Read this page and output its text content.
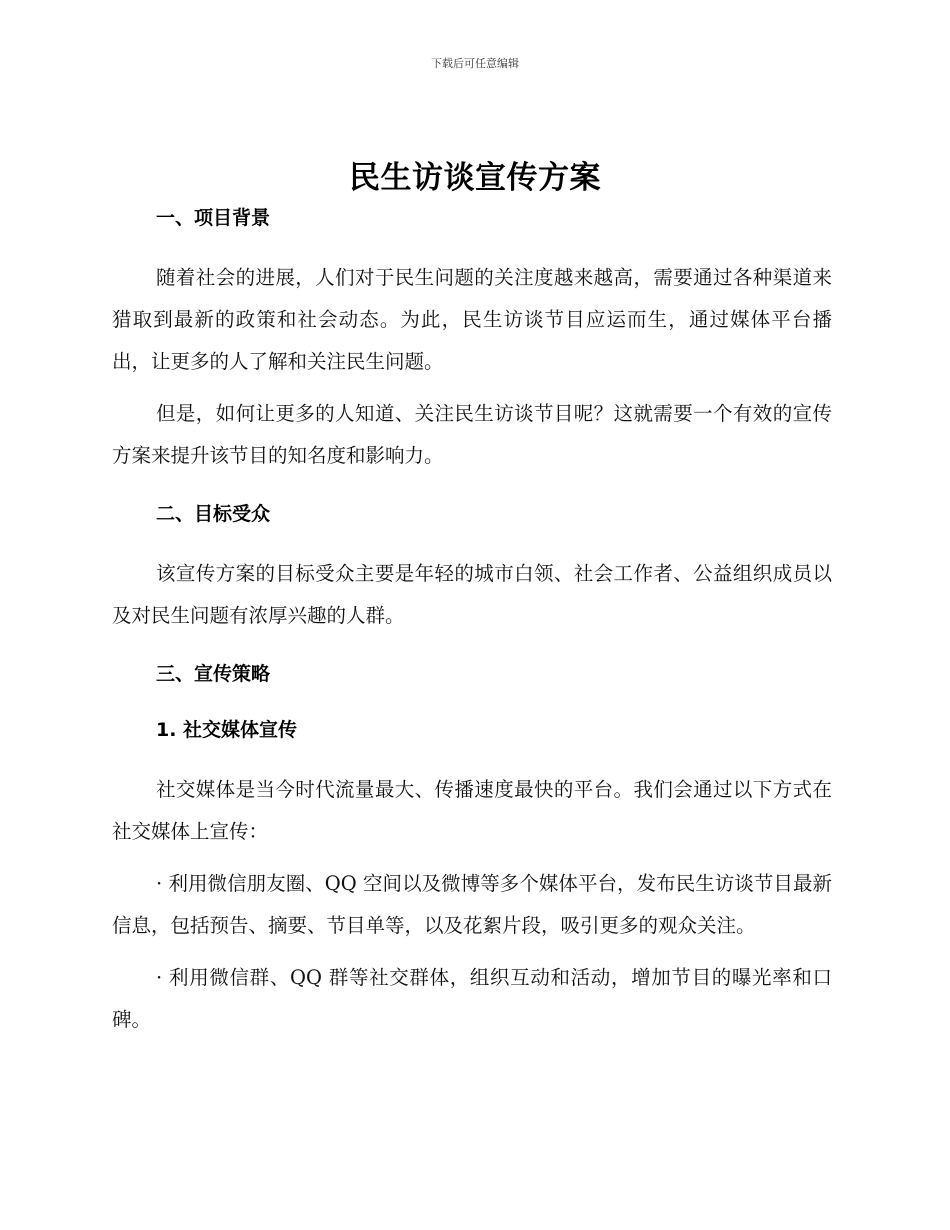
下载后可任意编辑
民生访谈宣传方案
一、项目背景

随着社会的进展，人们对于民生问题的关注度越来越高，需要通过各种渠道来猎取到最新的政策和社会动态。为此，民生访谈节目应运而生，通过媒体平台播出，让更多的人了解和关注民生问题。

但是，如何让更多的人知道、关注民生访谈节目呢？这就需要一个有效的宣传方案来提升该节目的知名度和影响力。

二、目标受众

该宣传方案的目标受众主要是年轻的城市白领、社会工作者、公益组织成员以及对民生问题有浓厚兴趣的人群。

三、宣传策略
1. 社交媒体宣传

社交媒体是当今时代流量最大、传播速度最快的平台。我们会通过以下方式在社交媒体上宣传：

· 利用微信朋友圈、QQ 空间以及微博等多个媒体平台，发布民生访谈节目最新信息，包括预告、摘要、节目单等，以及花絮片段，吸引更多的观众关注。

· 利用微信群、QQ 群等社交群体，组织互动和活动，增加节目的曝光率和口碑。
